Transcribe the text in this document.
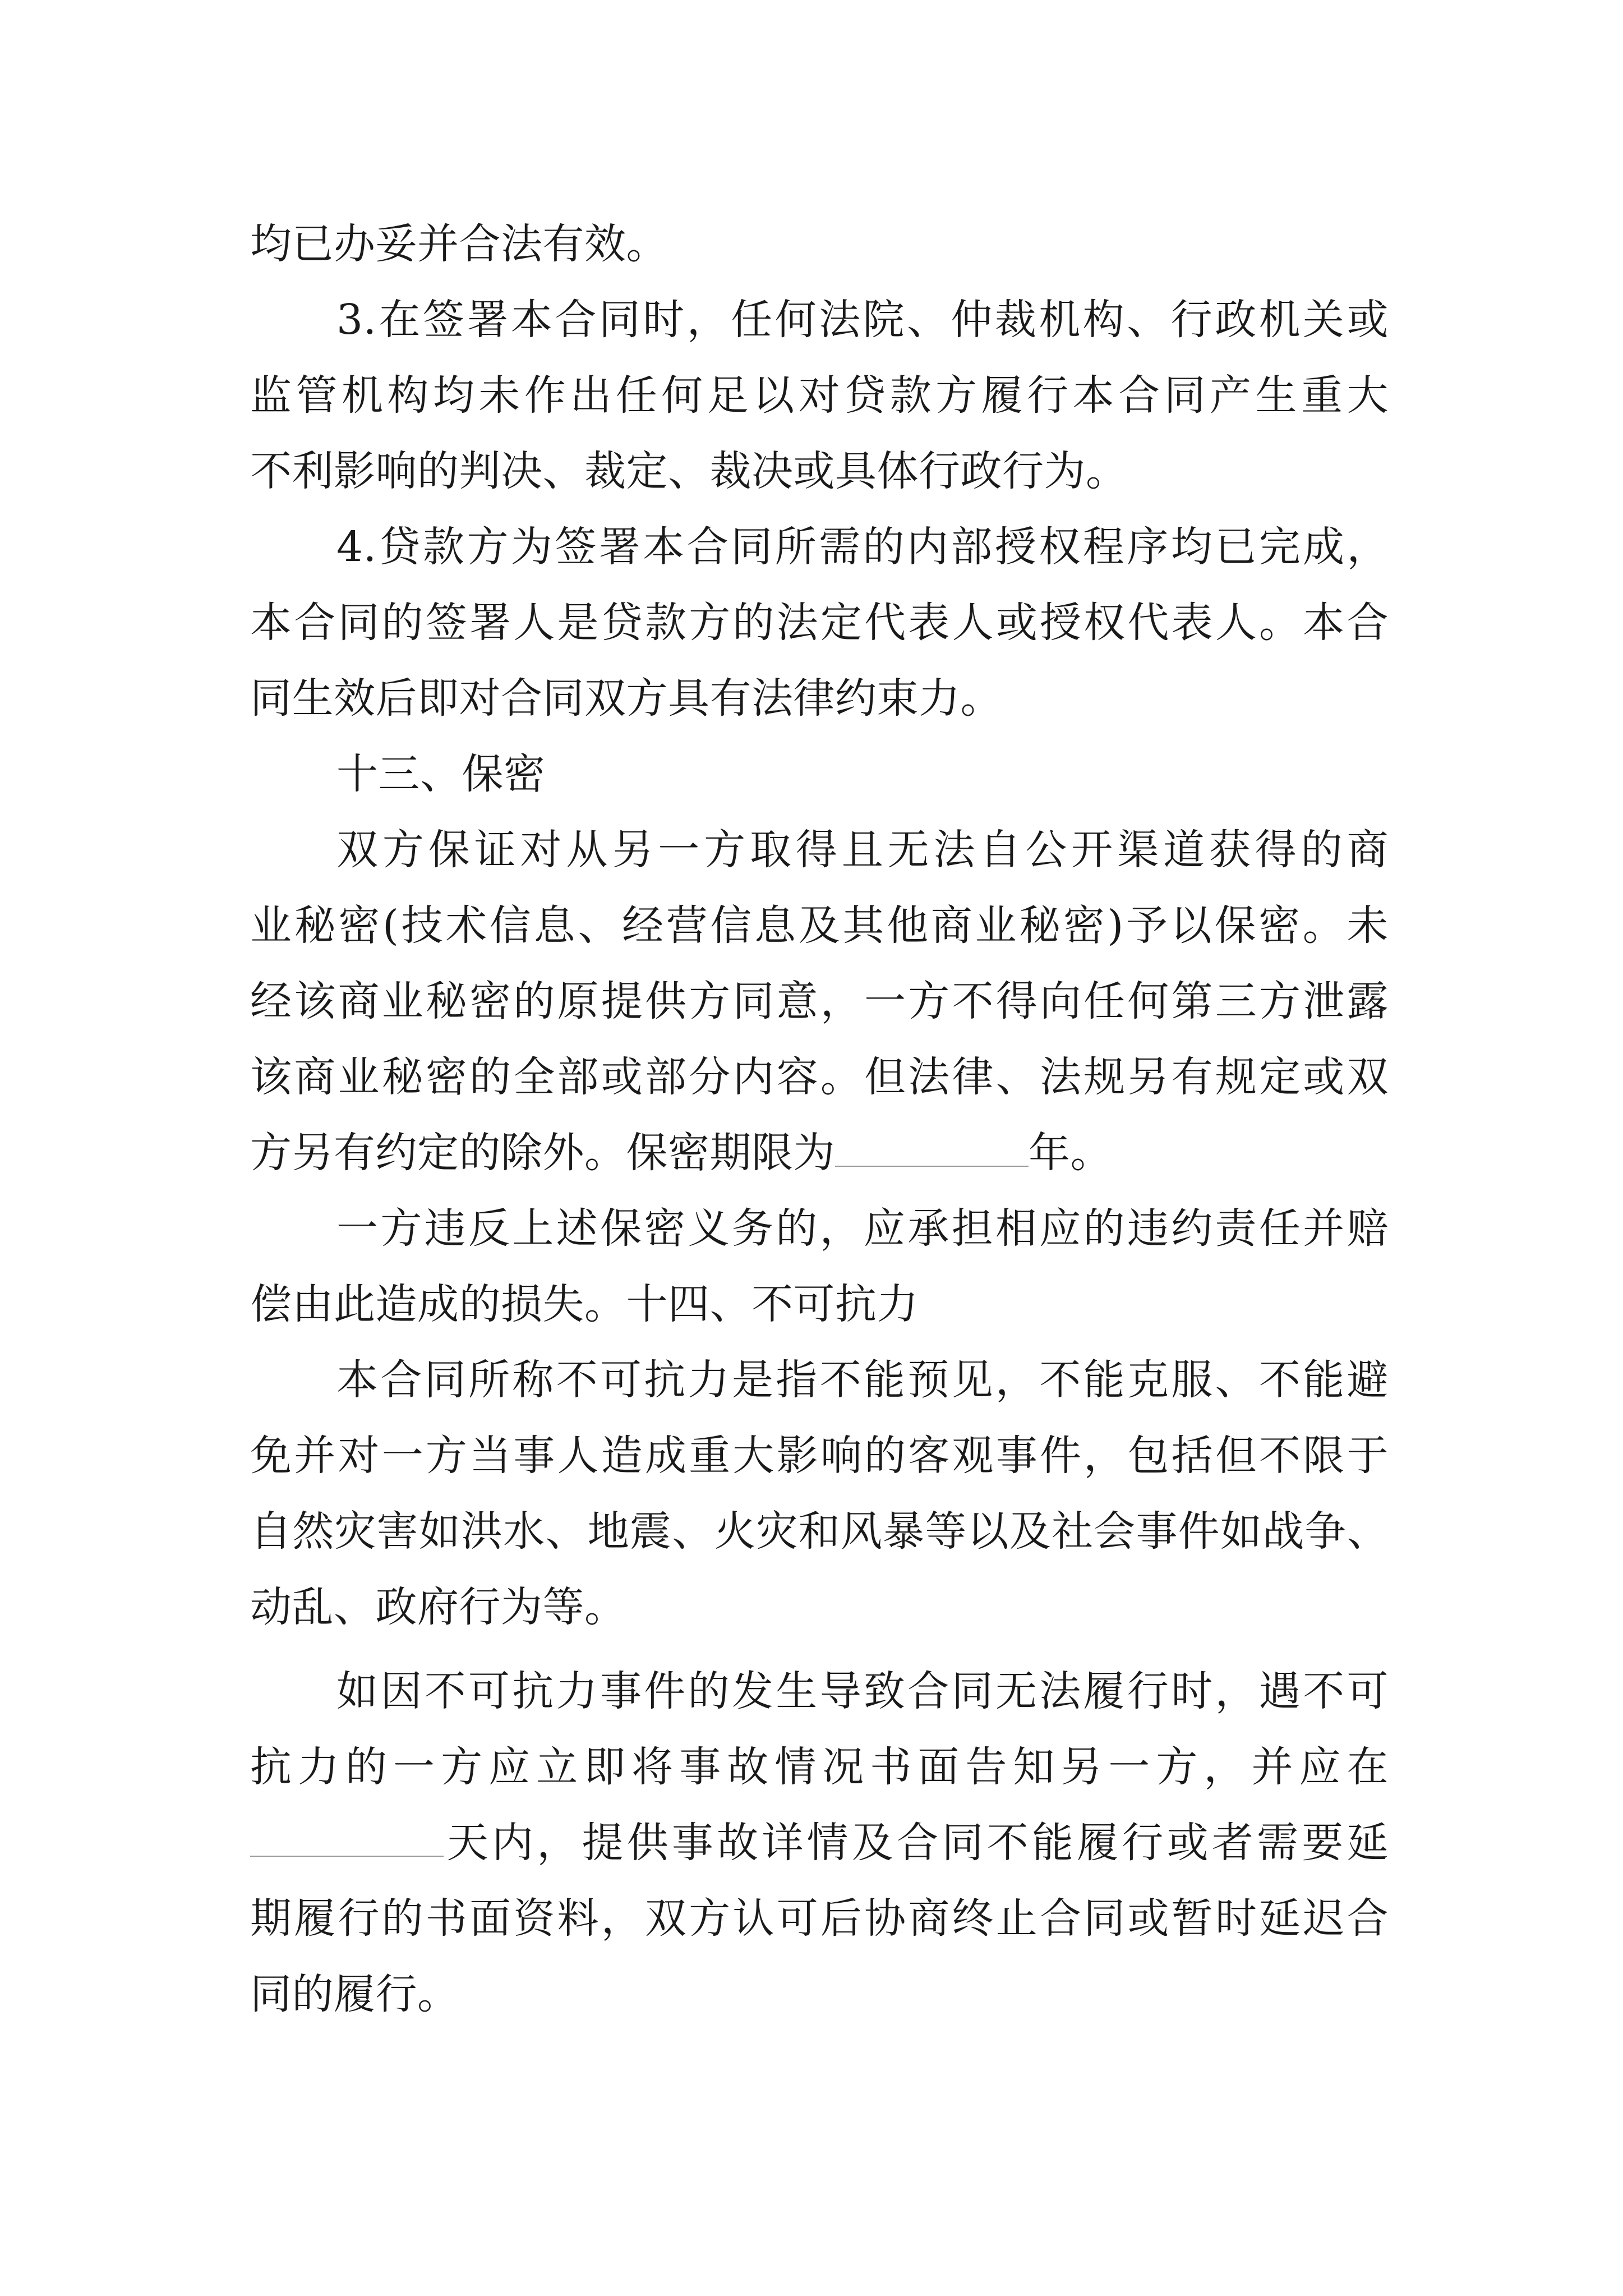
均已办妥并合法有效。
3.在签署本合同时，任何法院、仲裁机构、行政机关或
监管机构均未作出任何足以对贷款方履行本合同产生重大
不利影响的判决、裁定、裁决或具体行政行为。
4.贷款方为签署本合同所需的内部授权程序均已完成，
本合同的签署人是贷款方的法定代表人或授权代表人。本合
同生效后即对合同双方具有法律约束力。
十三、保密
双方保证对从另一方取得且无法自公开渠道获得的商
业秘密(技术信息、经营信息及其他商业秘密)予以保密。未
经该商业秘密的原提供方同意，一方不得向任何第三方泄露
该商业秘密的全部或部分内容。但法律、法规另有规定或双
方另有约定的除外。保密期限为	年。
一方违反上述保密义务的，应承担相应的违约责任并赔
偿由此造成的损失。十四、不可抗力
本合同所称不可抗力是指不能预见，不能克服、不能避
免并对一方当事人造成重大影响的客观事件，包括但不限于
自然灾害如洪水、地震、火灾和风暴等以及社会事件如战争、
动乱、政府行为等。
如因不可抗力事件的发生导致合同无法履行时，遇不可
抗力的一方应立即将事故情况书面告知另一方，并应在
天内，提供事故详情及合同不能履行或者需要延
期履行的书面资料，双方认可后协商终止合同或暂时延迟合
同的履行。
